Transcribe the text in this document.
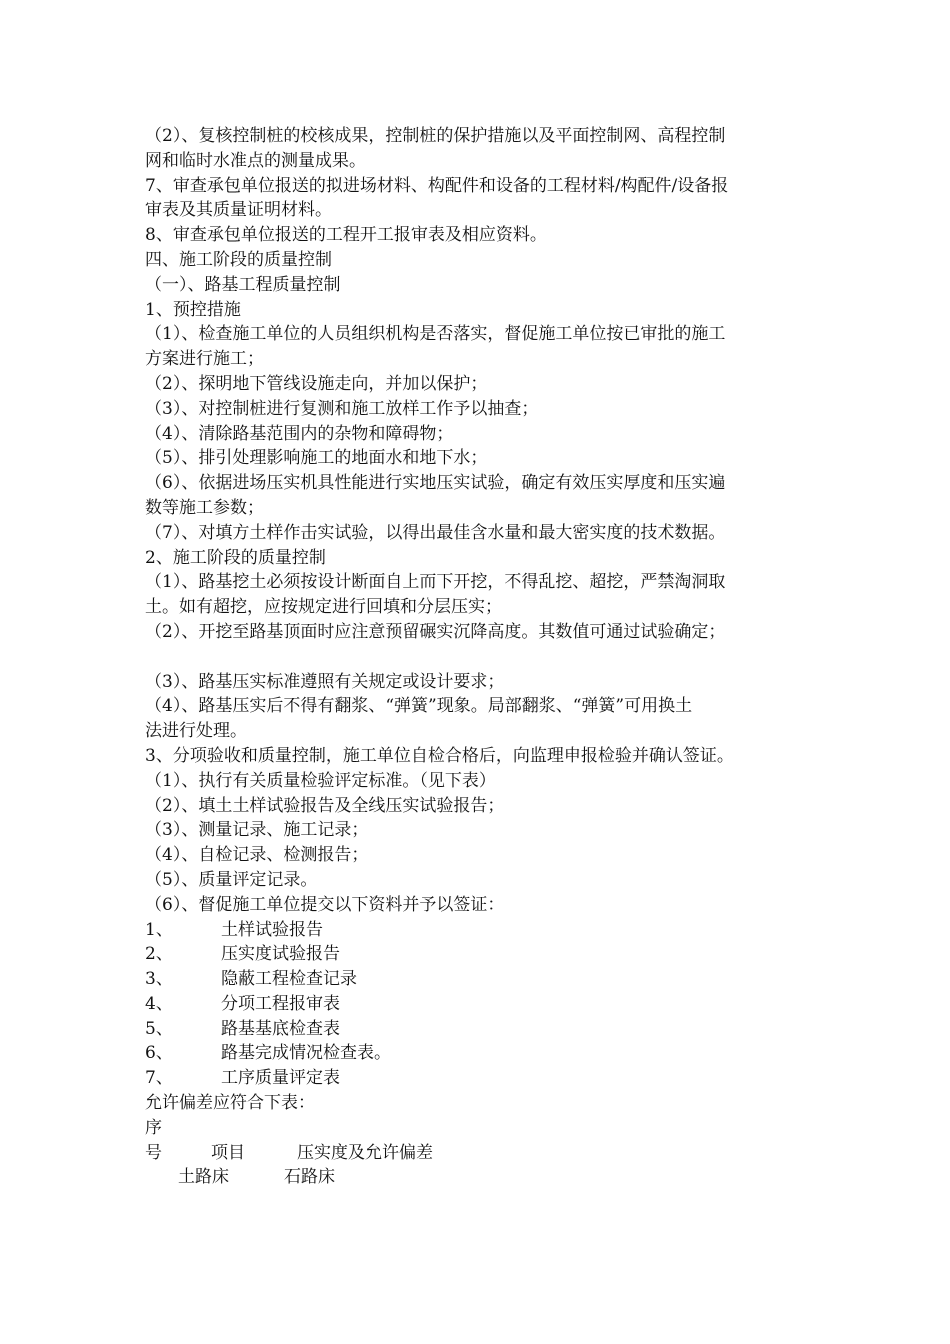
（2）、复核控制桩的校核成果，控制桩的保护措施以及平面控制网、高程控制
网和临时水准点的测量成果。
7、审查承包单位报送的拟进场材料、构配件和设备的工程材料/构配件/设备报
审表及其质量证明材料。
8、审查承包单位报送的工程开工报审表及相应资料。
四、施工阶段的质量控制
（一）、路基工程质量控制
1、预控措施
（1）、检查施工单位的人员组织机构是否落实，督促施工单位按已审批的施工
方案进行施工；
（2）、探明地下管线设施走向，并加以保护；
（3）、对控制桩进行复测和施工放样工作予以抽查；
（4）、清除路基范围内的杂物和障碍物；
（5）、排引处理影响施工的地面水和地下水；
（6）、依据进场压实机具性能进行实地压实试验，确定有效压实厚度和压实遍
数等施工参数；
（7）、对填方土样作击实试验，以得出最佳含水量和最大密实度的技术数据。
2、施工阶段的质量控制
（1）、路基挖土必须按设计断面自上而下开挖，不得乱挖、超挖，严禁淘洞取
土。如有超挖，应按规定进行回填和分层压实；
（2）、开挖至路基顶面时应注意预留碾实沉降高度。其数值可通过试验确定；
（3）、路基压实标准遵照有关规定或设计要求；
（4）、路基压实后不得有翻浆、“弹簧”现象。局部翻浆、“弹簧”可用换土
法进行处理。
3、分项验收和质量控制，施工单位自检合格后，向监理申报检验并确认签证。
（1）、执行有关质量检验评定标准。（见下表）
（2）、填土土样试验报告及全线压实试验报告；
（3）、测量记录、施工记录；
（4）、自检记录、检测报告；
（5）、质量评定记录。
（6）、督促施工单位提交以下资料并予以签证：
1、	土样试验报告
2、	压实度试验报告
3、	隐蔽工程检查记录
4、	分项工程报审表
5、	路基基底检查表
6、	路基完成情况检查表。
7、	工序质量评定表
允许偏差应符合下表：
序
号	项目	压实度及允许偏差
土路床	石路床
